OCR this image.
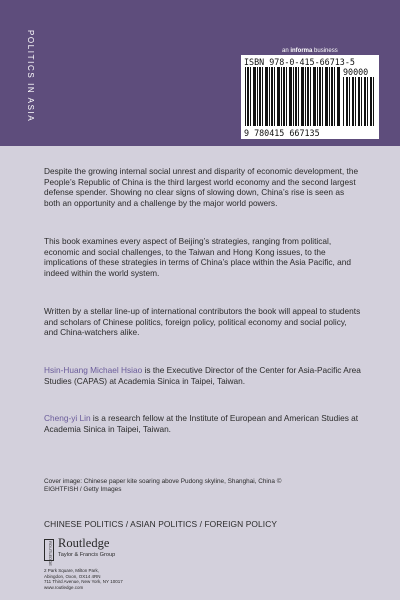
POLITICS IN ASIA	an informa business
ISBN 978-0-415-66713-5
90000
9 780415 667135

Despite the growing internal social unrest and disparity of economic development, the People’s Republic of China is the third largest world economy and the second largest defense spender. Showing no clear signs of slowing down, China’s rise is seen as both an opportunity and a challenge by the major world powers.

This book examines every aspect of Beijing’s strategies, ranging from political, economic and social challenges, to the Taiwan and Hong Kong issues, to the implications of these strategies in terms of China’s place within the Asia Pacific, and indeed within the world system.

Written by a stellar line-up of international contributors the book will appeal to students and scholars of Chinese politics, foreign policy, political economy and social policy, and China-watchers alike.

Hsin-Huang Michael Hsiao is the Executive Director of the Center for Asia-Pacific Area Studies (CAPAS) at Academia Sinica in Taipei, Taiwan.

Cheng-yi Lin is a research fellow at the Institute of European and American Studies at Academia Sinica in Taipei, Taiwan.

Cover image: Chinese paper kite soaring above Pudong skyline, Shanghai, China © EIGHTFISH / Getty Images

CHINESE POLITICS / ASIAN POLITICS / FOREIGN POLICY
ROUTLEDGE Routledge
Taylor & Francis Group

2 Park Square, Milton Park,
Abingdon, Oxon, OX14 4RN
711 Third Avenue, New York, NY 10017
www.routledge.com
